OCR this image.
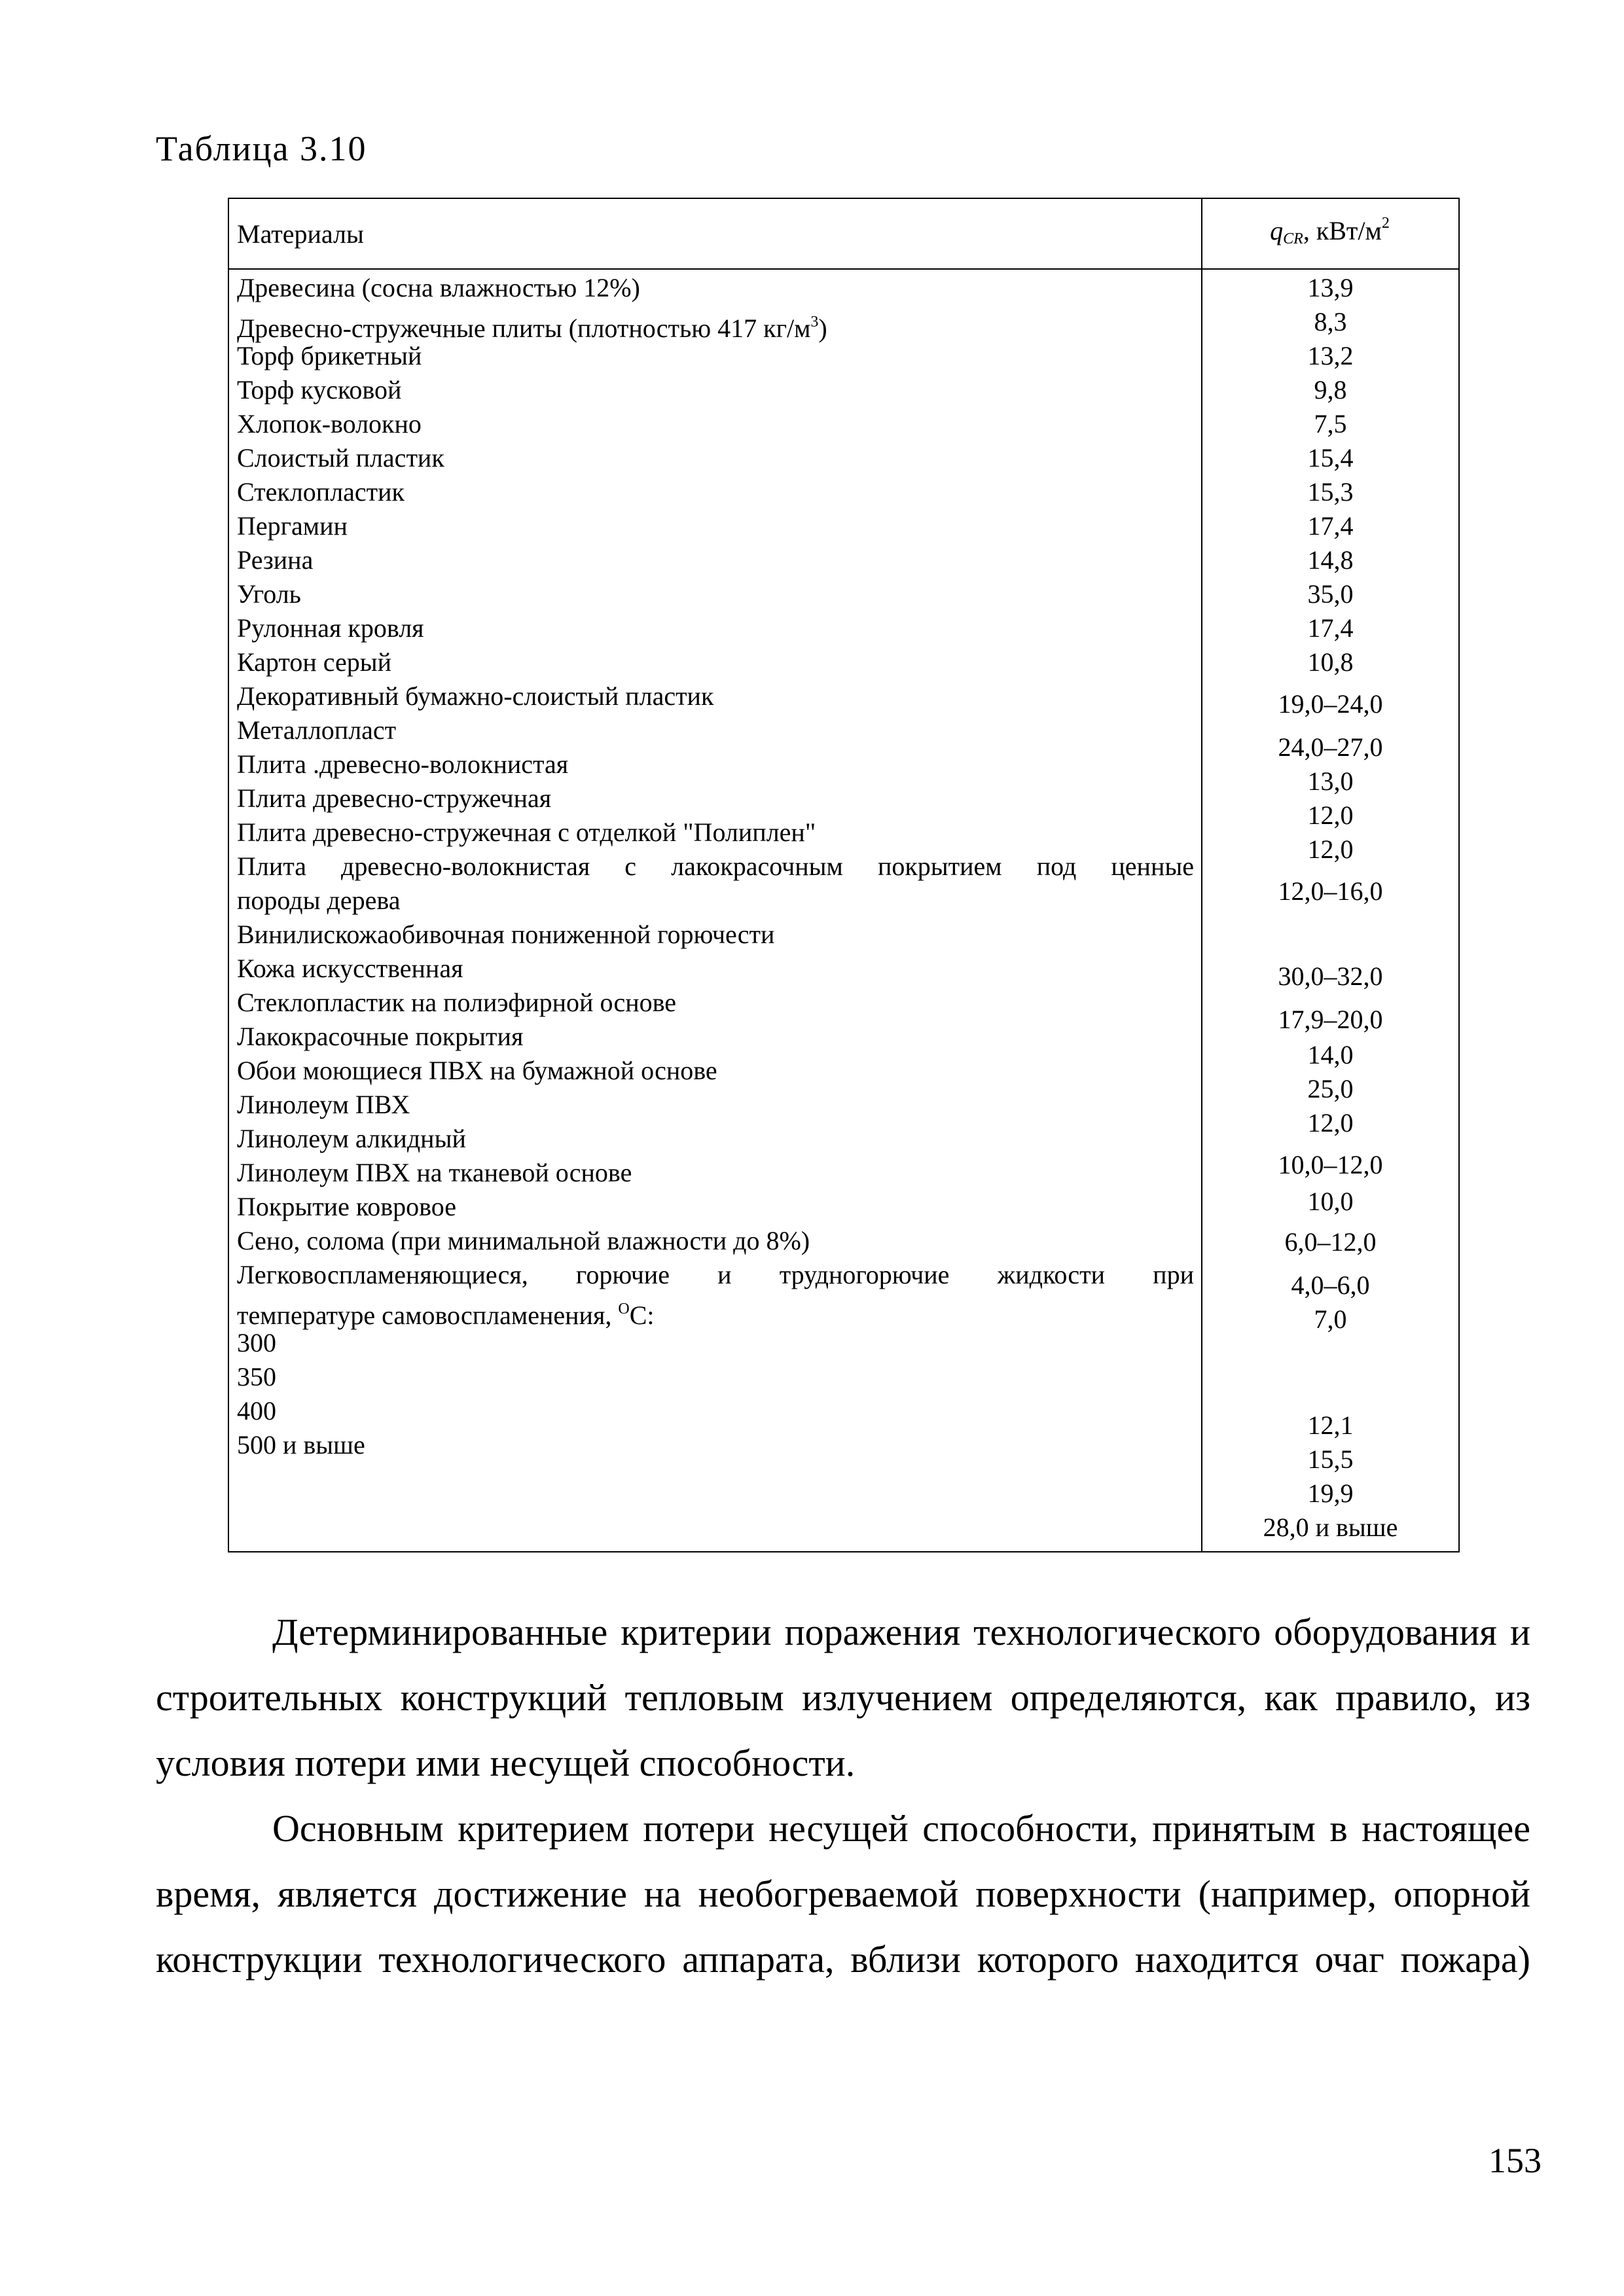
Таблица 3.10
Материалы	$q_{CR}$, кВт/$м^2$
Древесина (сосна влажностью 12%)
Древесно-стружечные плиты (плотностью 417 $кг/м^3$)
Торф брикетный
Торф кусковой
Хлопок-волокно
Слоистый пластик
Стеклопластик
Пергамин
Резина
Уголь
Рулонная кровля
Картон серый
Декоративный бумажно-слоистый пластик
Металлопласт
Плита .древесно-волокнистая
Плита древесно-стружечная
Плита древесно-стружечная с отделкой "Полиплен"
Плита древесно-волокнистая с лакокрасочным покрытием под ценные
породы дерева
Винилискожаобивочная пониженной горючести
Кожа искусственная
Стеклопластик на полиэфирной основе
Лакокрасочные покрытия
Обои моющиеся ПВХ на бумажной основе
Линолеум ПВХ
Линолеум алкидный
Линолеум ПВХ на тканевой основе
Покрытие ковровое
Сено, солома (при минимальной влажности до 8%)
Легковоспламеняющиеся, горючие и трудногорючие жидкости при
температуре самовоспламенения, $^O$C:
300
350
400
500 и выше
13,9
8,3
13,2
9,8
7,5
15,4
15,3
17,4
14,8
35,0
17,4
10,8
19,0–24,0
24,0–27,0
13,0
12,0
12,0
12,0–16,0
30,0–32,0
17,9–20,0
14,0
25,0
12,0
10,0–12,0
10,0
6,0–12,0
4,0–6,0
7,0
12,1
15,5
19,9
28,0 и выше
Детерминированные критерии поражения технологического оборудования и
строительных конструкций тепловым излучением определяются, как правило, из
условия потери ими несущей способности.
Основным критерием потери несущей способности, принятым в настоящее
время, является достижение на необогреваемой поверхности (например, опорной
конструкции технологического аппарата, вблизи которого находится очаг пожара)
153
